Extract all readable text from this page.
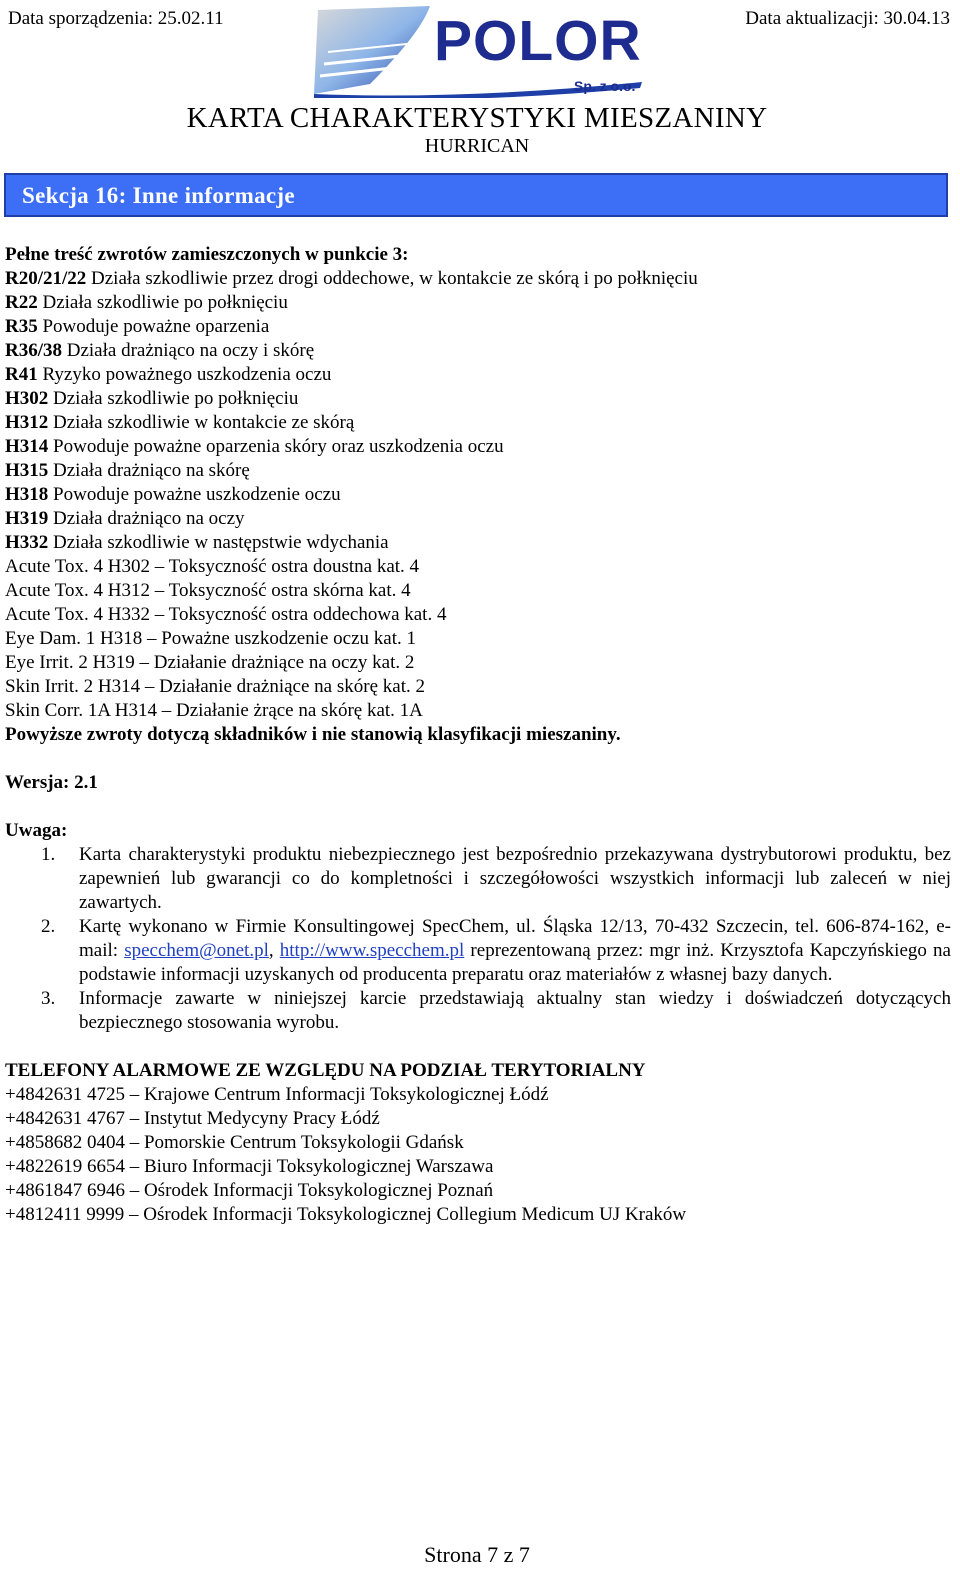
Data sporządzenia: 25.02.11	Data aktualizacji: 30.04.13
POLOR
Sp. z o.o.
KARTA CHARAKTERYSTYKI MIESZANINY
HURRICAN
Sekcja 16: Inne informacje
Pełne treść zwrotów zamieszczonych w punkcie 3:
R20/21/22 Działa szkodliwie przez drogi oddechowe, w kontakcie ze skórą i po połknięciu
R22 Działa szkodliwie po połknięciu
R35 Powoduje poważne oparzenia
R36/38 Działa drażniąco na oczy i skórę
R41 Ryzyko poważnego uszkodzenia oczu
H302 Działa szkodliwie po połknięciu
H312 Działa szkodliwie w kontakcie ze skórą
H314 Powoduje poważne oparzenia skóry oraz uszkodzenia oczu
H315 Działa drażniąco na skórę
H318 Powoduje poważne uszkodzenie oczu
H319 Działa drażniąco na oczy
H332 Działa szkodliwie w następstwie wdychania
Acute Tox. 4 H302 – Toksyczność ostra doustna kat. 4
Acute Tox. 4 H312 – Toksyczność ostra skórna kat. 4
Acute Tox. 4 H332 – Toksyczność ostra oddechowa kat. 4
Eye Dam. 1 H318 – Poważne uszkodzenie oczu kat. 1
Eye Irrit. 2 H319 – Działanie drażniące na oczy kat. 2
Skin Irrit. 2 H314 – Działanie drażniące na skórę kat. 2
Skin Corr. 1A H314 – Działanie żrące na skórę kat. 1A
Powyższe zwroty dotyczą składników i nie stanowią klasyfikacji mieszaniny.
Wersja: 2.1
Uwaga:
1. Karta charakterystyki produktu niebezpiecznego jest bezpośrednio przekazywana dystrybutorowi produktu, bez zapewnień lub gwarancji co do kompletności i szczegółowości wszystkich informacji lub zaleceń w niej zawartych.
2. Kartę wykonano w Firmie Konsultingowej SpecChem, ul. Śląska 12/13, 70-432 Szczecin, tel. 606-874-162, e-mail: specchem@onet.pl, http://www.specchem.pl reprezentowaną przez: mgr inż. Krzysztofa Kapczyńskiego na podstawie informacji uzyskanych od producenta preparatu oraz materiałów z własnej bazy danych.
3. Informacje zawarte w niniejszej karcie przedstawiają aktualny stan wiedzy i doświadczeń dotyczących bezpiecznego stosowania wyrobu.
TELEFONY ALARMOWE ZE WZGLĘDU NA PODZIAŁ TERYTORIALNY
+4842631 4725 – Krajowe Centrum Informacji Toksykologicznej Łódź
+4842631 4767 – Instytut Medycyny Pracy Łódź
+4858682 0404 – Pomorskie Centrum Toksykologii Gdańsk
+4822619 6654 – Biuro Informacji Toksykologicznej Warszawa
+4861847 6946 – Ośrodek Informacji Toksykologicznej Poznań
+4812411 9999 – Ośrodek Informacji Toksykologicznej Collegium Medicum UJ Kraków
Strona 7 z 7
